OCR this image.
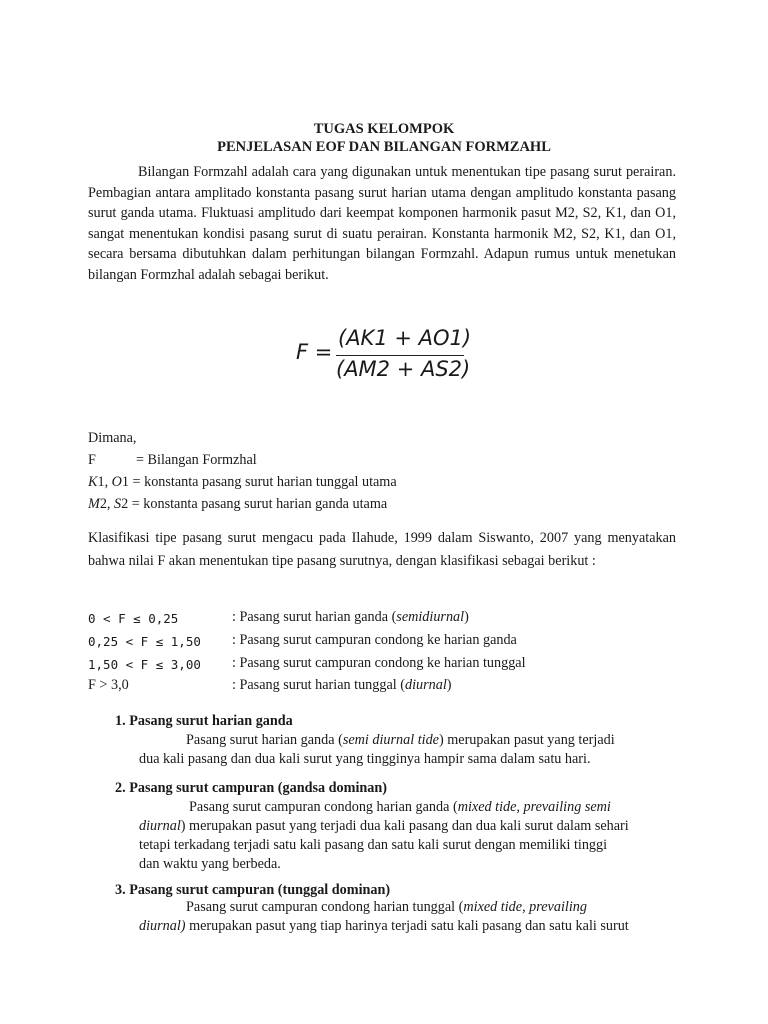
TUGAS KELOMPOK
PENJELASAN EOF DAN BILANGAN FORMZAHL
Bilangan Formzahl adalah cara yang digunakan untuk menentukan tipe pasang surut perairan. Pembagian antara amplitado konstanta pasang surut harian utama dengan amplitudo konstanta pasang surut ganda utama. Fluktuasi amplitudo dari keempat komponen harmonik pasut M2, S2, K1, dan O1, sangat menentukan kondisi pasang surut di suatu perairan. Konstanta harmonik M2, S2, K1, dan O1, secara bersama dibutuhkan dalam perhitungan bilangan Formzahl. Adapun rumus untuk menetukan bilangan Formzhal adalah sebagai berikut.
F =
(AK1 + AO1)
(AM2 + AS2)
Dimana,
F	= Bilangan Formzhal
K1, O1 = konstanta pasang surut harian tunggal utama
M2, S2 = konstanta pasang surut harian ganda utama
Klasifikasi tipe pasang surut mengacu pada Ilahude, 1999 dalam Siswanto, 2007 yang menyatakan bahwa nilai F akan menentukan tipe pasang surutnya, dengan klasifikasi sebagai berikut :
0 < F ≤ 0,25	: Pasang surut harian ganda (semidiurnal)
0,25 < F ≤ 1,50 : Pasang surut campuran condong ke harian ganda
1,50 < F ≤ 3,00 : Pasang surut campuran condong ke harian tunggal
F > 3,0	: Pasang surut harian tunggal (diurnal)
1. Pasang surut harian ganda
Pasang surut harian ganda (semi diurnal tide) merupakan pasut yang terjadi
dua kali pasang dan dua kali surut yang tingginya hampir sama dalam satu hari.
2. Pasang surut campuran (gandsa dominan)
Pasang surut campuran condong harian ganda (mixed tide, prevailing semi
diurnal) merupakan pasut yang terjadi dua kali pasang dan dua kali surut dalam sehari
tetapi terkadang terjadi satu kali pasang dan satu kali surut dengan memiliki tinggi
dan waktu yang berbeda.
3. Pasang surut campuran (tunggal dominan)
Pasang surut campuran condong harian tunggal (mixed tide, prevailing
diurnal) merupakan pasut yang tiap harinya terjadi satu kali pasang dan satu kali surut
